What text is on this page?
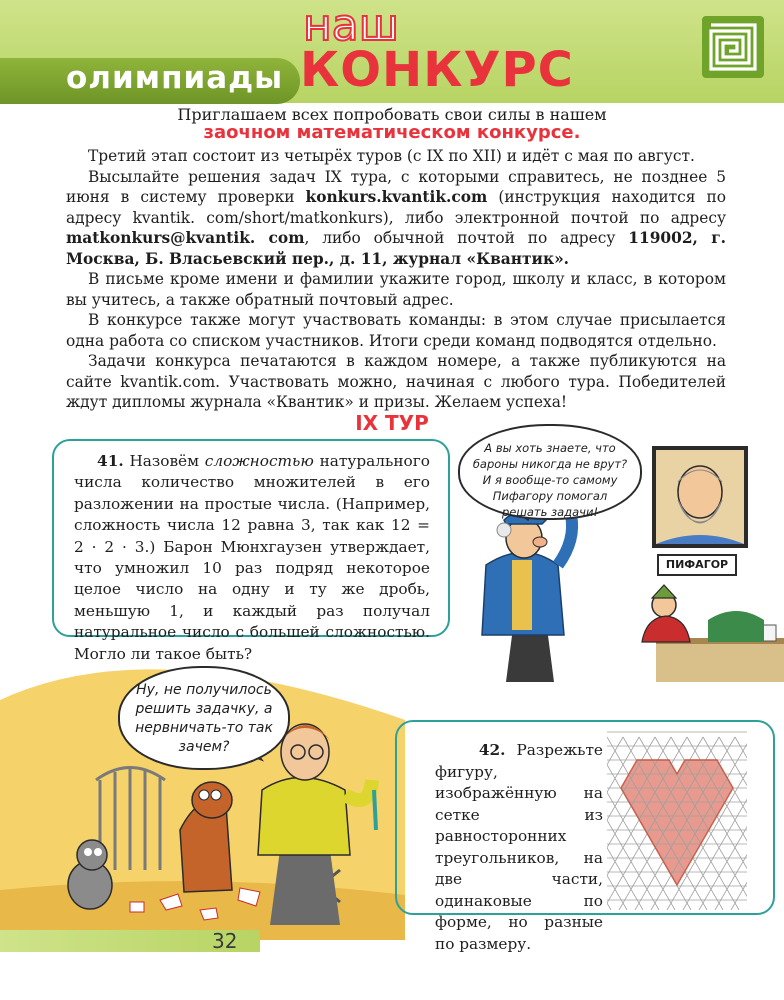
олимпиады
наш
КОНКУРС
Приглашаем всех попробовать свои силы в нашем
заочном математическом конкурсе.

Третий этап состоит из четырёх туров (с IX по XII) и идёт с мая по август.

Высылайте решения задач IX тура, с которыми справитесь, не позднее 5 июня в систему проверки konkurs.kvantik.com (инструкция находится по адресу kvantik. com/short/matkonkurs), либо электронной почтой по адресу matkonkurs@kvantik. com, либо обычной почтой по адресу 119002, г. Москва, Б. Власьевский пер., д. 11, журнал «Квантик».

В письме кроме имени и фамилии укажите город, школу и класс, в котором вы учитесь, а также обратный почтовый адрес.

В конкурсе также могут участвовать команды: в этом случае присылается одна работа со списком участников. Итоги среди команд подводятся отдельно.

Задачи конкурса печатаются в каждом номере, а также публикуются на сайте kvantik.com. Участвовать можно, начиная с любого тура. Победителей ждут дипломы журнала «Квантик» и призы. Желаем успеха!

IX ТУР
41. Назовём сложностью натурального числа количество множителей в его разложении на простые числа. (Например, сложность числа 12 равна 3, так как 12 = 2 · 2 · 3.) Барон Мюнхгаузен утверждает, что умножил 10 раз подряд некоторое целое число на одну и ту же дробь, меньшую 1, и каждый раз получал натуральное число с большей сложностью. Могло ли такое быть?
А вы хоть знаете, что бароны никогда не врут? И я вообще-то самому Пифагору помогал решать задачи!
ПИФАГОР
Ну, не получилось решить задачку, а нервничать-то так зачем?	42. Разрежьте фигуру, изображённую на сетке из равносторонних треугольников, на две части, одинаковые по форме, но разные по размеру.
32
